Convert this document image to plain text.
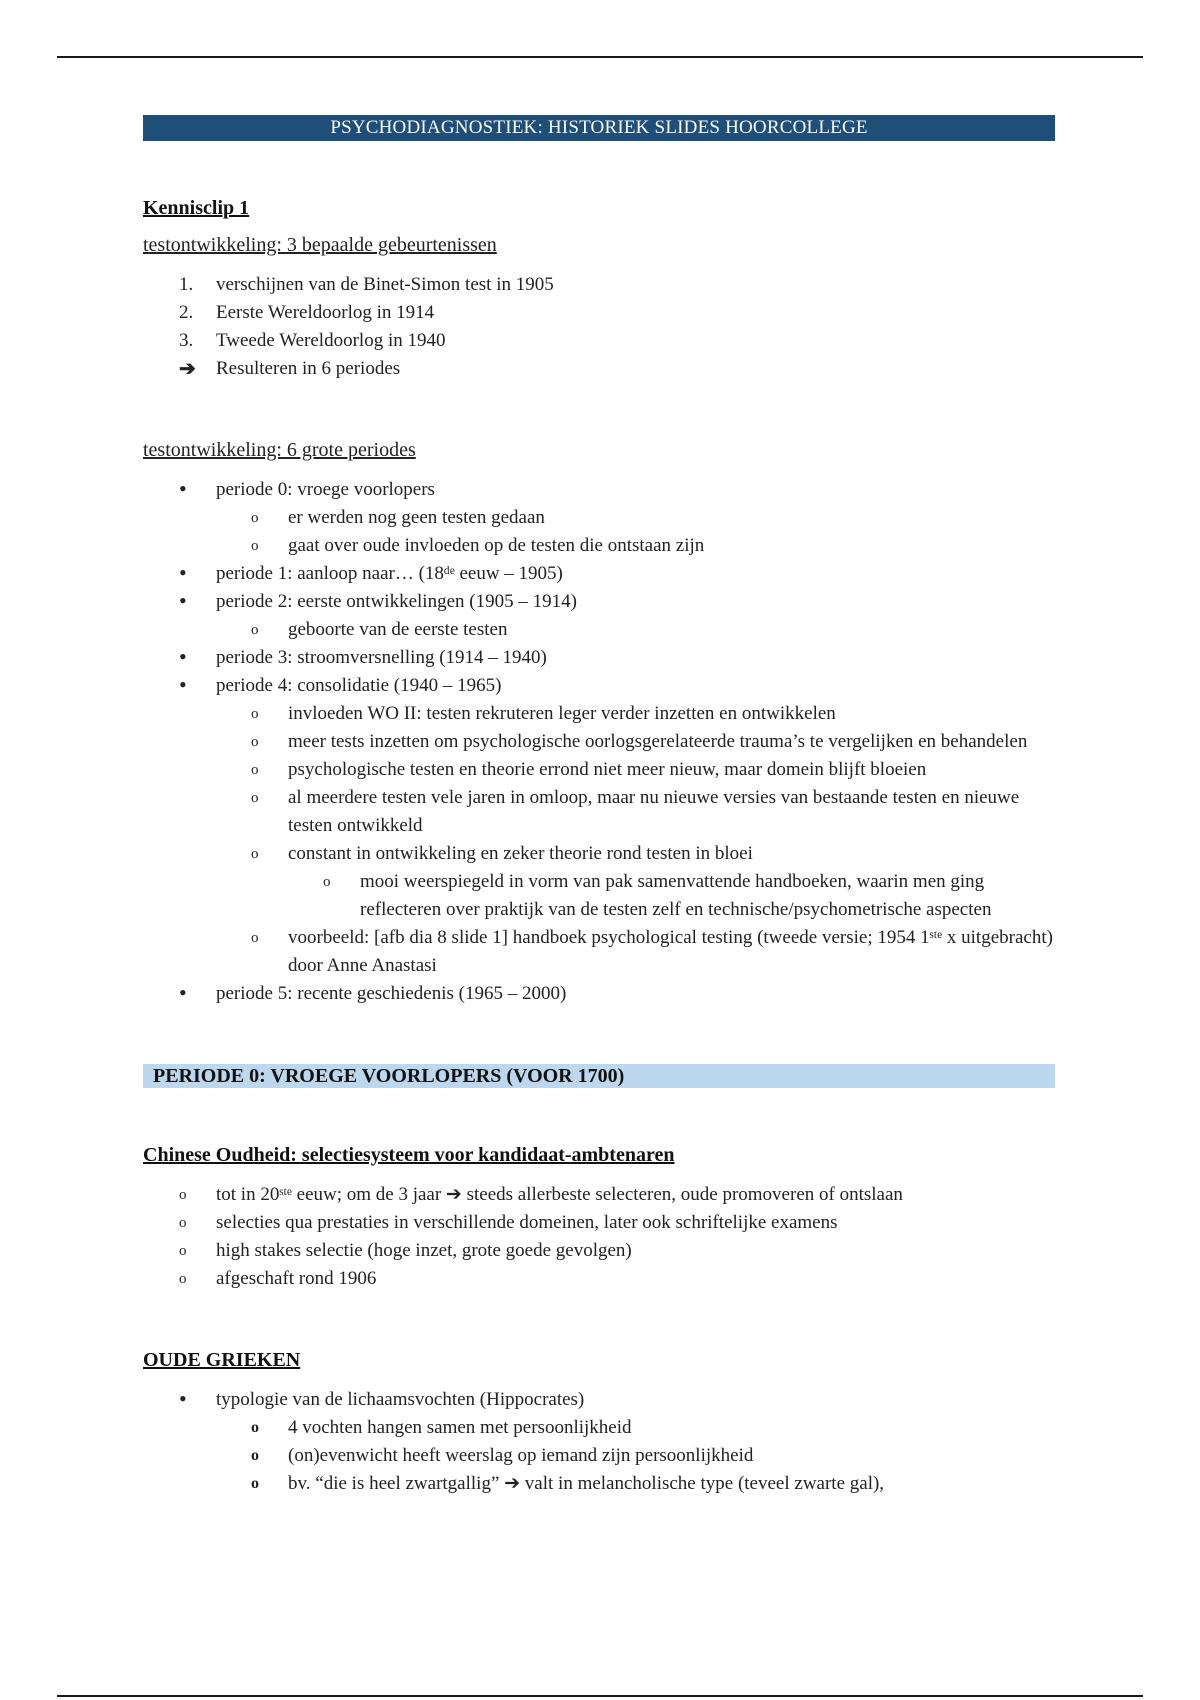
PSYCHODIAGNOSTIEK: HISTORIEK SLIDES HOORCOLLEGE
Kennisclip 1
testontwikkeling: 3 bepaalde gebeurtenissen
1. verschijnen van de Binet-Simon test in 1905
2. Eerste Wereldoorlog in 1914
3. Tweede Wereldoorlog in 1940
➔ Resulteren in 6 periodes
testontwikkeling: 6 grote periodes
• periode 0: vroege voorlopers
o er werden nog geen testen gedaan
o gaat over oude invloeden op de testen die ontstaan zijn
• periode 1: aanloop naar… (18ᵈᵉ eeuw – 1905)
• periode 2: eerste ontwikkelingen (1905 – 1914)
o geboorte van de eerste testen
• periode 3: stroomversnelling (1914 – 1940)
• periode 4: consolidatie (1940 – 1965)
o invloeden WO II: testen rekruteren leger verder inzetten en ontwikkelen
o meer tests inzetten om psychologische oorlogsgerelateerde trauma’s te vergelijken en behandelen
o psychologische testen en theorie errond niet meer nieuw, maar domein blijft bloeien
o al meerdere testen vele jaren in omloop, maar nu nieuwe versies van bestaande testen en nieuwe testen ontwikkeld
o constant in ontwikkeling en zeker theorie rond testen in bloei
o mooi weerspiegeld in vorm van pak samenvattende handboeken, waarin men ging reflecteren over praktijk van de testen zelf en technische/psychometrische aspecten
o voorbeeld: [afb dia 8 slide 1] handboek psychological testing (tweede versie; 1954 1ˢᵗᵉ x uitgebracht) door Anne Anastasi
• periode 5: recente geschiedenis (1965 – 2000)
PERIODE 0: VROEGE VOORLOPERS (VOOR 1700)
Chinese Oudheid: selectiesysteem voor kandidaat-ambtenaren
o tot in 20ˢᵗᵉ eeuw; om de 3 jaar ➔ steeds allerbeste selecteren, oude promoveren of ontslaan
o selecties qua prestaties in verschillende domeinen, later ook schriftelijke examens
o high stakes selectie (hoge inzet, grote goede gevolgen)
o afgeschaft rond 1906
OUDE GRIEKEN
• typologie van de lichaamsvochten (Hippocrates)
o 4 vochten hangen samen met persoonlijkheid
o (on)evenwicht heeft weerslag op iemand zijn persoonlijkheid
o bv. “die is heel zwartgallig” ➔ valt in melancholische type (teveel zwarte gal),
